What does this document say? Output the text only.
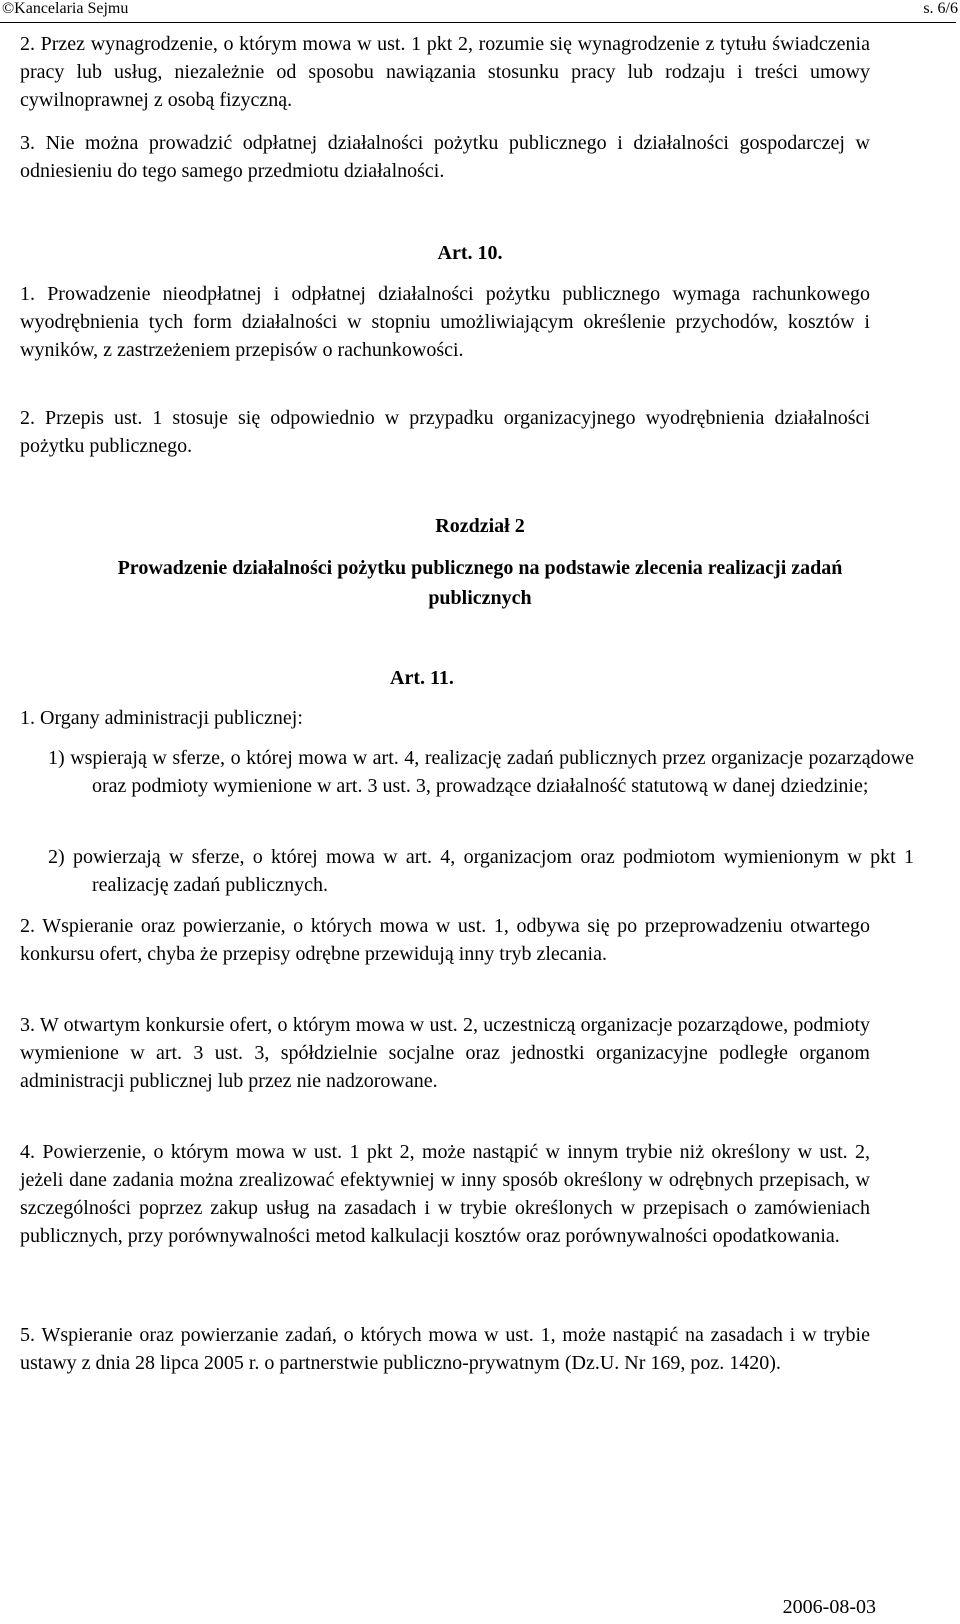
©Kancelaria Sejmu	s. 6/6

2. Przez wynagrodzenie, o którym mowa w ust. 1 pkt 2, rozumie się wynagrodzenie z tytułu świadczenia pracy lub usług, niezależnie od sposobu nawiązania stosunku pracy lub rodzaju i treści umowy cywilnoprawnej z osobą fizyczną.

3. Nie można prowadzić odpłatnej działalności pożytku publicznego i działalności gospodarczej w odniesieniu do tego samego przedmiotu działalności.

Art. 10.

1. Prowadzenie nieodpłatnej i odpłatnej działalności pożytku publicznego wymaga rachunkowego wyodrębnienia tych form działalności w stopniu umożliwiającym określenie przychodów, kosztów i wyników, z zastrzeżeniem przepisów o rachunkowości.

2. Przepis ust. 1 stosuje się odpowiednio w przypadku organizacyjnego wyodrębnienia działalności pożytku publicznego.

Rozdział 2

Prowadzenie działalności pożytku publicznego na podstawie zlecenia realizacji zadań publicznych

Art. 11.

1. Organy administracji publicznej:

1) wspierają w sferze, o której mowa w art. 4, realizację zadań publicznych przez organizacje pozarządowe oraz podmioty wymienione w art. 3 ust. 3, prowadzące działalność statutową w danej dziedzinie;

2) powierzają w sferze, o której mowa w art. 4, organizacjom oraz podmiotom wymienionym w pkt 1 realizację zadań publicznych.

2. Wspieranie oraz powierzanie, o których mowa w ust. 1, odbywa się po przeprowadzeniu otwartego konkursu ofert, chyba że przepisy odrębne przewidują inny tryb zlecania.

3. W otwartym konkursie ofert, o którym mowa w ust. 2, uczestniczą organizacje pozarządowe, podmioty wymienione w art. 3 ust. 3, spółdzielnie socjalne oraz jednostki organizacyjne podległe organom administracji publicznej lub przez nie nadzorowane.

4. Powierzenie, o którym mowa w ust. 1 pkt 2, może nastąpić w innym trybie niż określony w ust. 2, jeżeli dane zadania można zrealizować efektywniej w inny sposób określony w odrębnych przepisach, w szczególności poprzez zakup usług na zasadach i w trybie określonych w przepisach o zamówieniach publicznych, przy porównywalności metod kalkulacji kosztów oraz porównywalności opodatkowania.

5. Wspieranie oraz powierzanie zadań, o których mowa w ust. 1, może nastąpić na zasadach i w trybie ustawy z dnia 28 lipca 2005 r. o partnerstwie publiczno-prywatnym (Dz.U. Nr 169, poz. 1420).

2006-08-03
